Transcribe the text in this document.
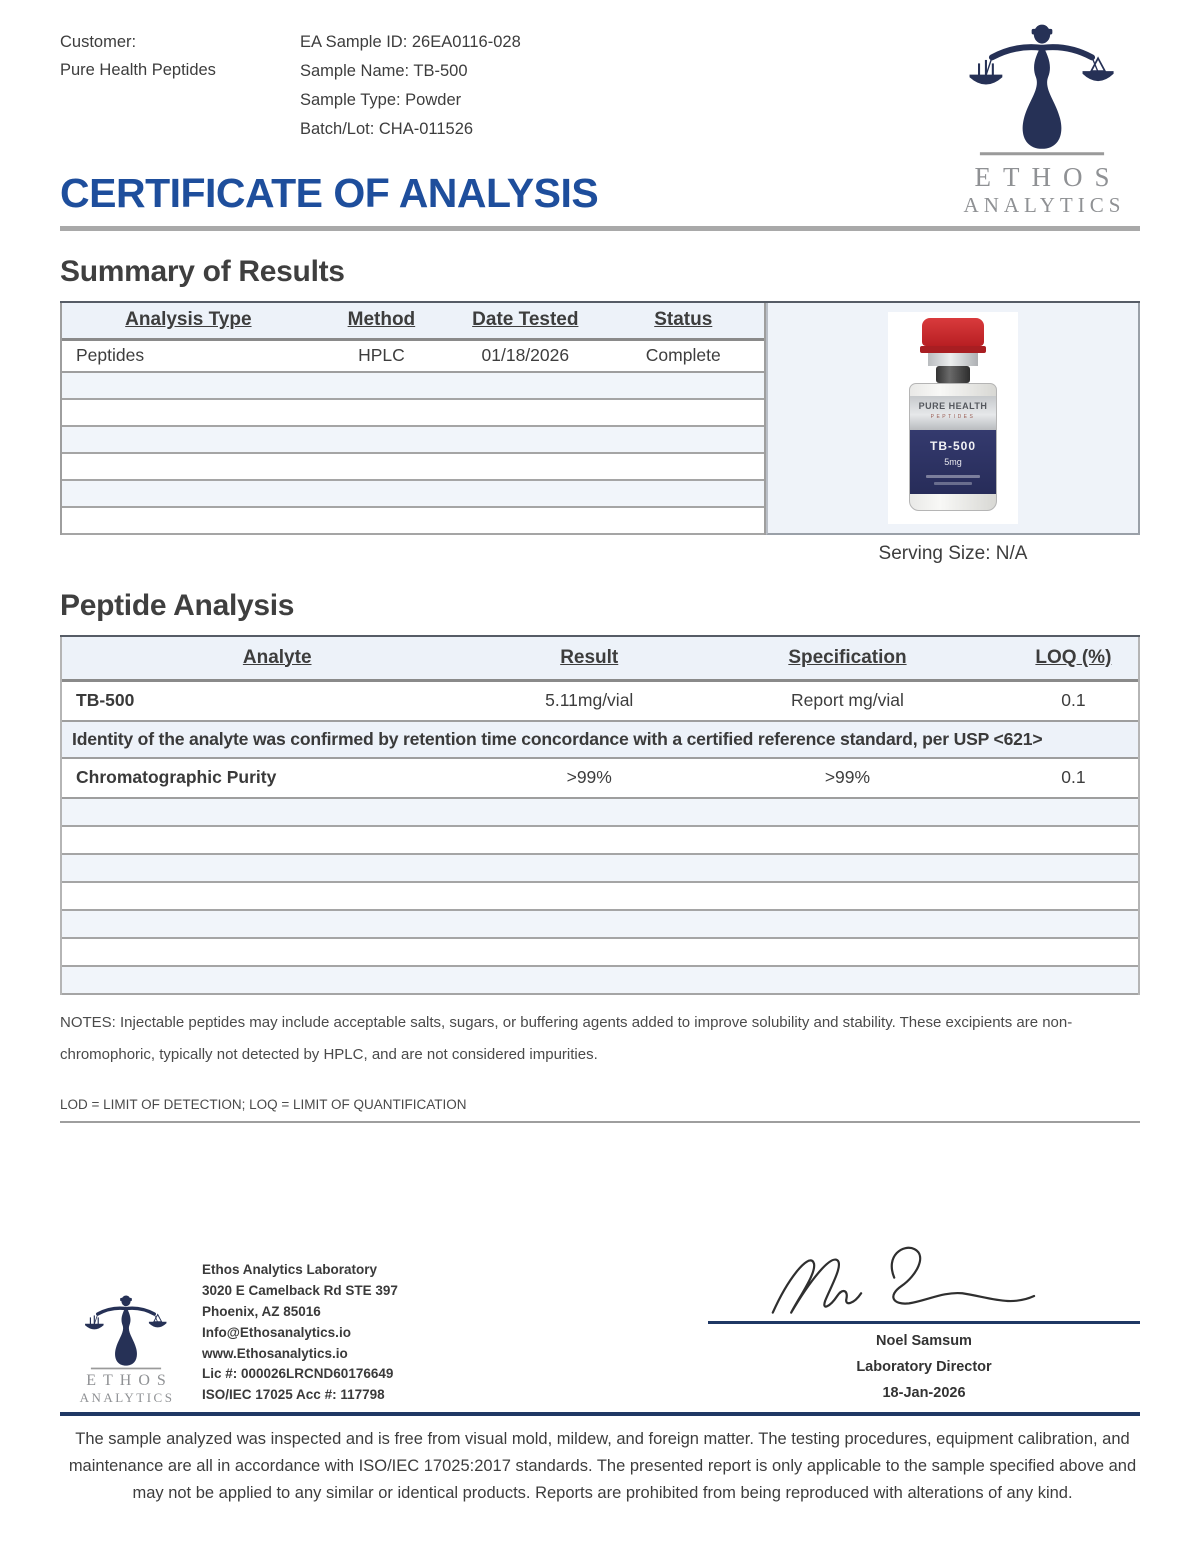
Customer:
Pure Health Peptides
EA Sample ID: 26EA0116-028
Sample Name: TB-500
Sample Type: Powder
Batch/Lot: CHA-011526
ETHOS
ANALYTICS
CERTIFICATE OF ANALYSIS
Summary of Results
Analysis Type	Method	Date Tested	Status
Peptides	HPLC	01/18/2026	Complete
PURE HEALTH
PEPTIDES
TB-500
5mg
Serving Size: N/A
Peptide Analysis
Analyte	Result	Specification	LOQ (%)
TB-500	5.11mg/vial	Report mg/vial	0.1
Identity of the analyte was confirmed by retention time concordance with a certified reference standard, per USP <621>
Chromatographic Purity	>99%	>99%	0.1

NOTES: Injectable peptides may include acceptable salts, sugars, or buffering agents added to improve solubility and stability. These excipients are non-chromophoric, typically not detected by HPLC, and are not considered impurities.

LOD = LIMIT OF DETECTION; LOQ = LIMIT OF QUANTIFICATION
ETHOS
ANALYTICS
Ethos Analytics Laboratory
3020 E Camelback Rd STE 397
Phoenix, AZ 85016
Info@Ethosanalytics.io
www.Ethosanalytics.io
Lic #: 000026LRCND60176649
ISO/IEC 17025 Acc #: 117798
Noel Samsum
Laboratory Director
18-Jan-2026

The sample analyzed was inspected and is free from visual mold, mildew, and foreign matter. The testing procedures, equipment calibration, and maintenance are all in accordance with ISO/IEC 17025:2017 standards. The presented report is only applicable to the sample specified above and may not be applied to any similar or identical products. Reports are prohibited from being reproduced with alterations of any kind.
